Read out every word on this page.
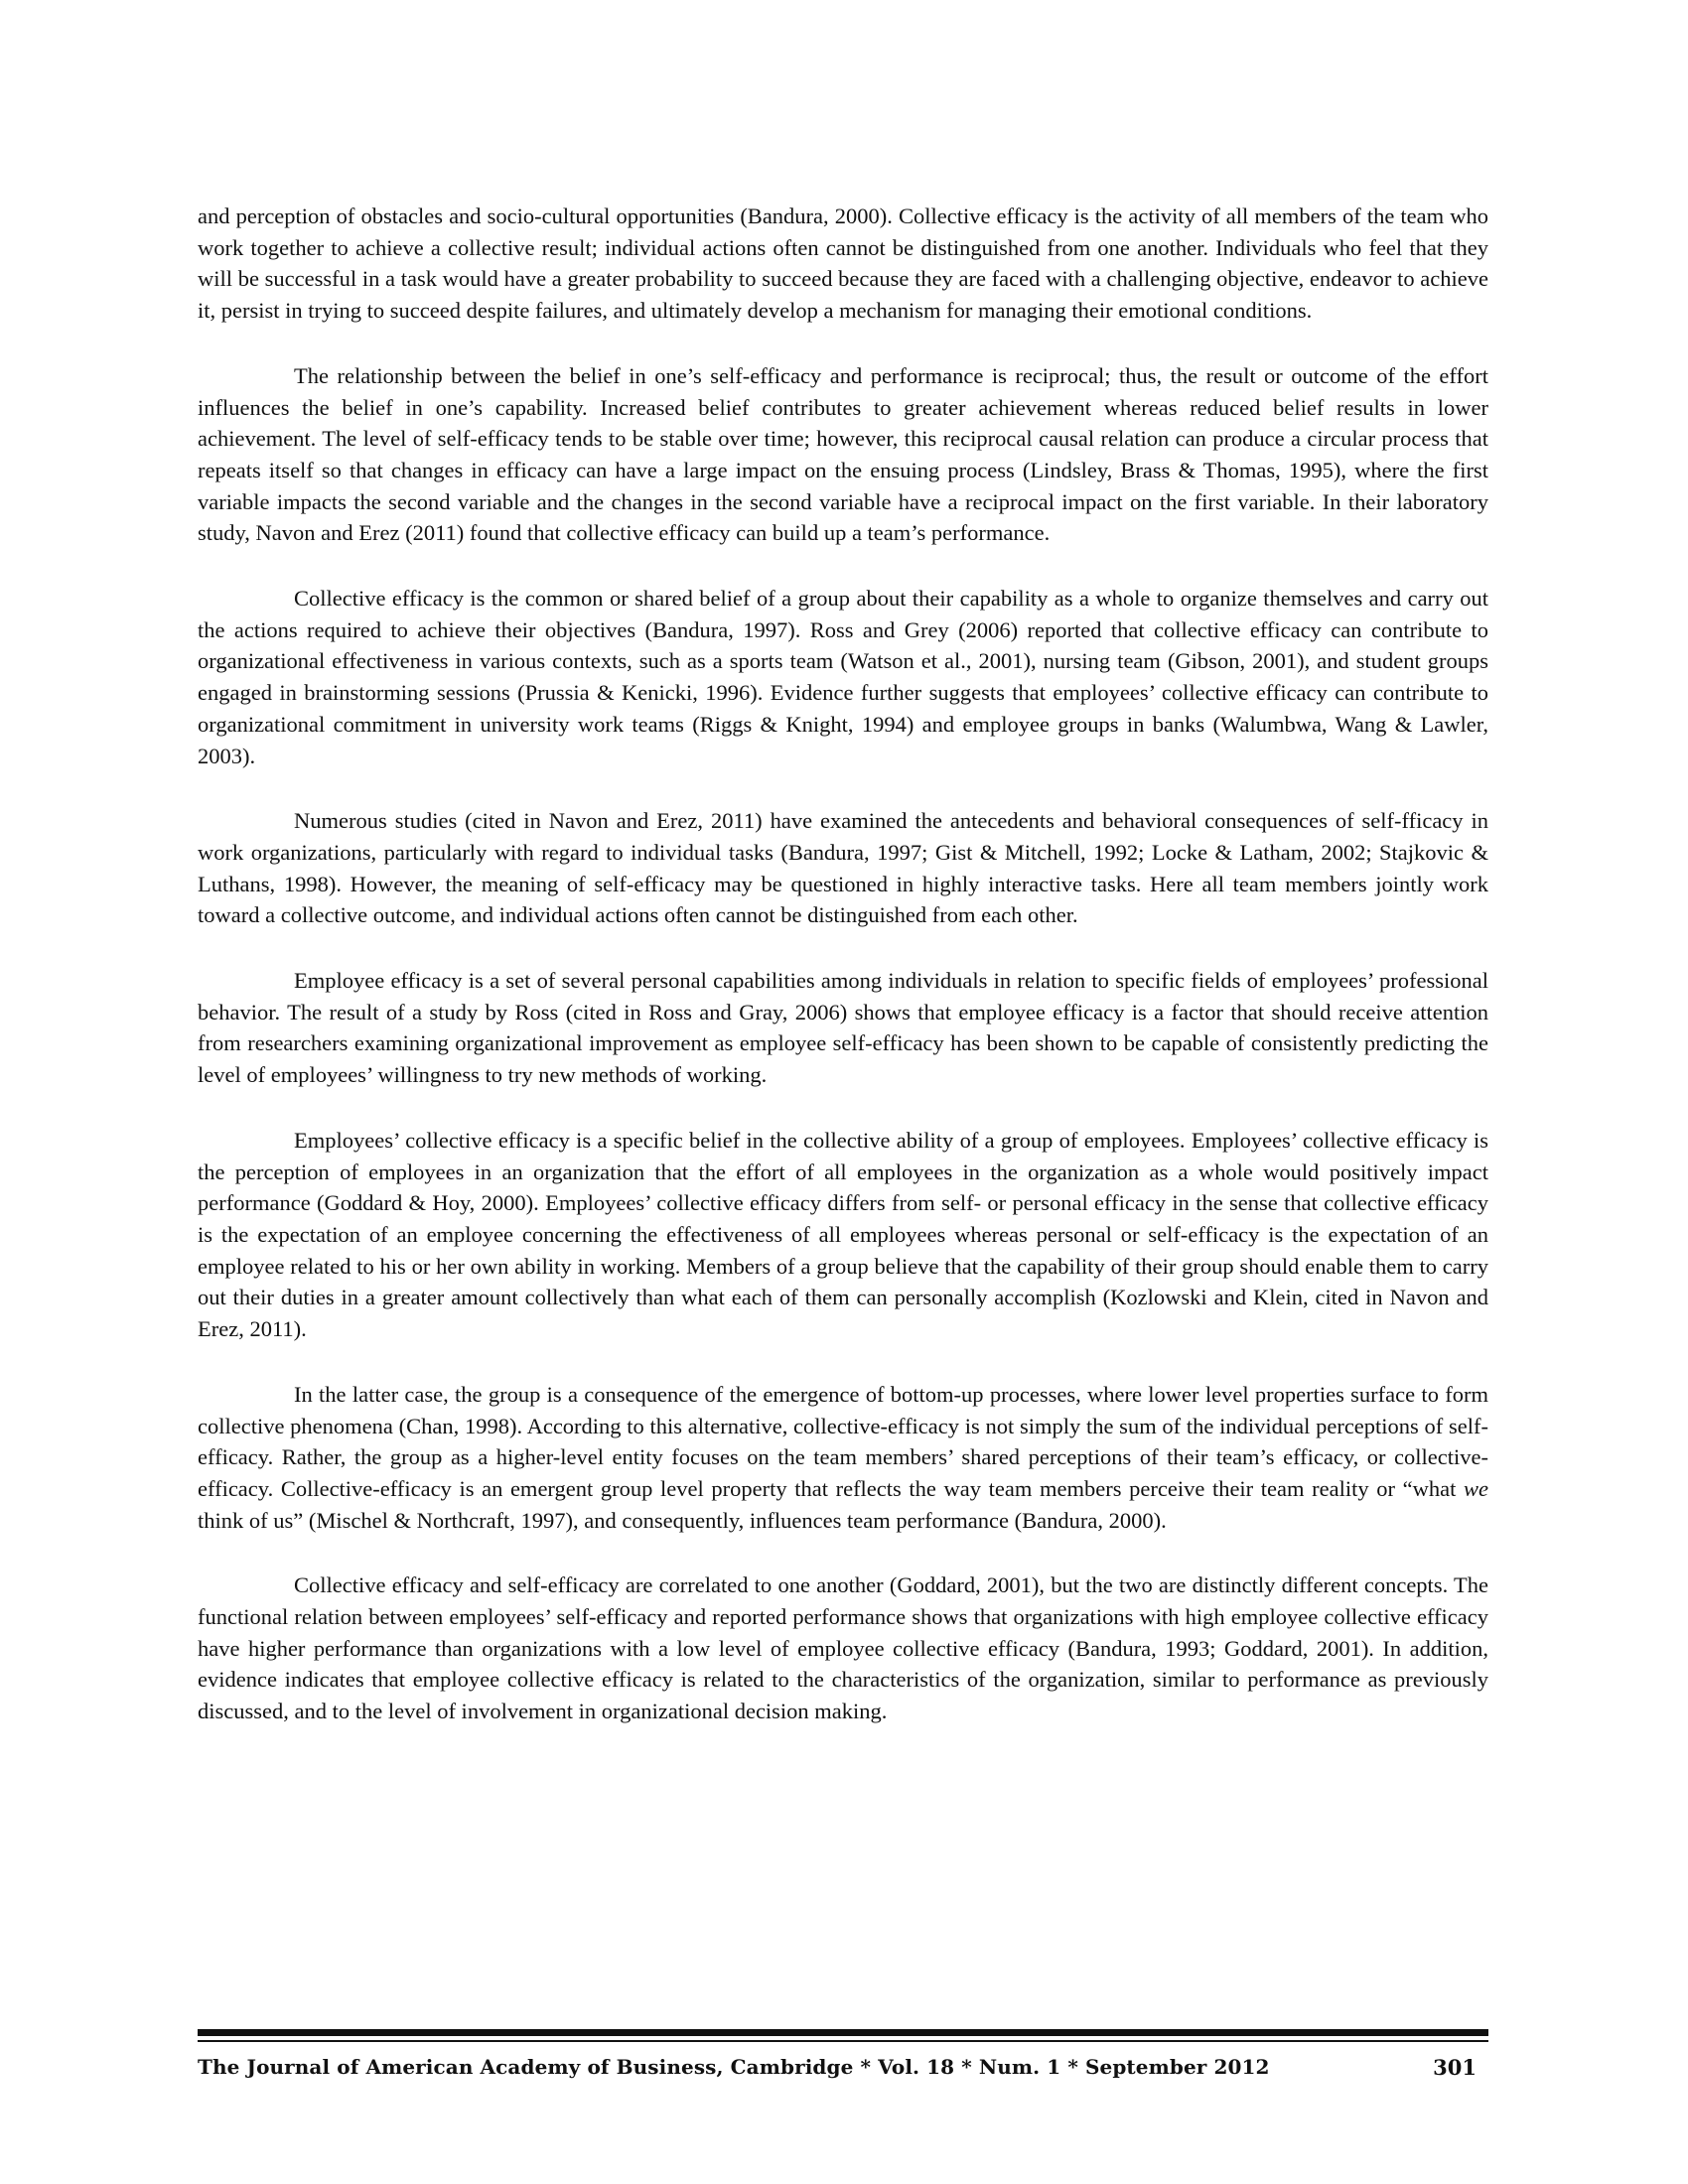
and perception of obstacles and socio-cultural opportunities (Bandura, 2000). Collective efficacy is the activity of all members of the team who work together to achieve a collective result; individual actions often cannot be distinguished from one another. Individuals who feel that they will be successful in a task would have a greater probability to succeed because they are faced with a challenging objective, endeavor to achieve it, persist in trying to succeed despite failures, and ultimately develop a mechanism for managing their emotional conditions.

The relationship between the belief in one’s self-efficacy and performance is reciprocal; thus, the result or outcome of the effort influences the belief in one’s capability. Increased belief contributes to greater achievement whereas reduced belief results in lower achievement. The level of self-efficacy tends to be stable over time; however, this reciprocal causal relation can produce a circular process that repeats itself so that changes in efficacy can have a large impact on the ensuing process (Lindsley, Brass & Thomas, 1995), where the first variable impacts the second variable and the changes in the second variable have a reciprocal impact on the first variable. In their laboratory study, Navon and Erez (2011) found that collective efficacy can build up a team’s performance.

Collective efficacy is the common or shared belief of a group about their capability as a whole to organize themselves and carry out the actions required to achieve their objectives (Bandura, 1997). Ross and Grey (2006) reported that collective efficacy can contribute to organizational effectiveness in various contexts, such as a sports team (Watson et al., 2001), nursing team (Gibson, 2001), and student groups engaged in brainstorming sessions (Prussia & Kenicki, 1996). Evidence further suggests that employees’ collective efficacy can contribute to organizational commitment in university work teams (Riggs & Knight, 1994) and employee groups in banks (Walumbwa, Wang & Lawler, 2003).

Numerous studies (cited in Navon and Erez, 2011) have examined the antecedents and behavioral consequences of self-fficacy in work organizations, particularly with regard to individual tasks (Bandura, 1997; Gist & Mitchell, 1992; Locke & Latham, 2002; Stajkovic & Luthans, 1998). However, the meaning of self-efficacy may be questioned in highly interactive tasks. Here all team members jointly work toward a collective outcome, and individual actions often cannot be distinguished from each other.

Employee efficacy is a set of several personal capabilities among individuals in relation to specific fields of employees’ professional behavior. The result of a study by Ross (cited in Ross and Gray, 2006) shows that employee efficacy is a factor that should receive attention from researchers examining organizational improvement as employee self-efficacy has been shown to be capable of consistently predicting the level of employees’ willingness to try new methods of working.

Employees’ collective efficacy is a specific belief in the collective ability of a group of employees. Employees’ collective efficacy is the perception of employees in an organization that the effort of all employees in the organization as a whole would positively impact performance (Goddard & Hoy, 2000). Employees’ collective efficacy differs from self- or personal efficacy in the sense that collective efficacy is the expectation of an employee concerning the effectiveness of all employees whereas personal or self-efficacy is the expectation of an employee related to his or her own ability in working. Members of a group believe that the capability of their group should enable them to carry out their duties in a greater amount collectively than what each of them can personally accomplish (Kozlowski and Klein, cited in Navon and Erez, 2011).

In the latter case, the group is a consequence of the emergence of bottom-up processes, where lower level properties surface to form collective phenomena (Chan, 1998). According to this alternative, collective-efficacy is not simply the sum of the individual perceptions of self-efficacy. Rather, the group as a higher-level entity focuses on the team members’ shared perceptions of their team’s efficacy, or collective-efficacy. Collective-efficacy is an emergent group level property that reflects the way team members perceive their team reality or “what we think of us” (Mischel & Northcraft, 1997), and consequently, influences team performance (Bandura, 2000).

Collective efficacy and self-efficacy are correlated to one another (Goddard, 2001), but the two are distinctly different concepts. The functional relation between employees’ self-efficacy and reported performance shows that organizations with high employee collective efficacy have higher performance than organizations with a low level of employee collective efficacy (Bandura, 1993; Goddard, 2001). In addition, evidence indicates that employee collective efficacy is related to the characteristics of the organization, similar to performance as previously discussed, and to the level of involvement in organizational decision making.

The Journal of American Academy of Business, Cambridge * Vol. 18 * Num. 1 * September 2012	301
